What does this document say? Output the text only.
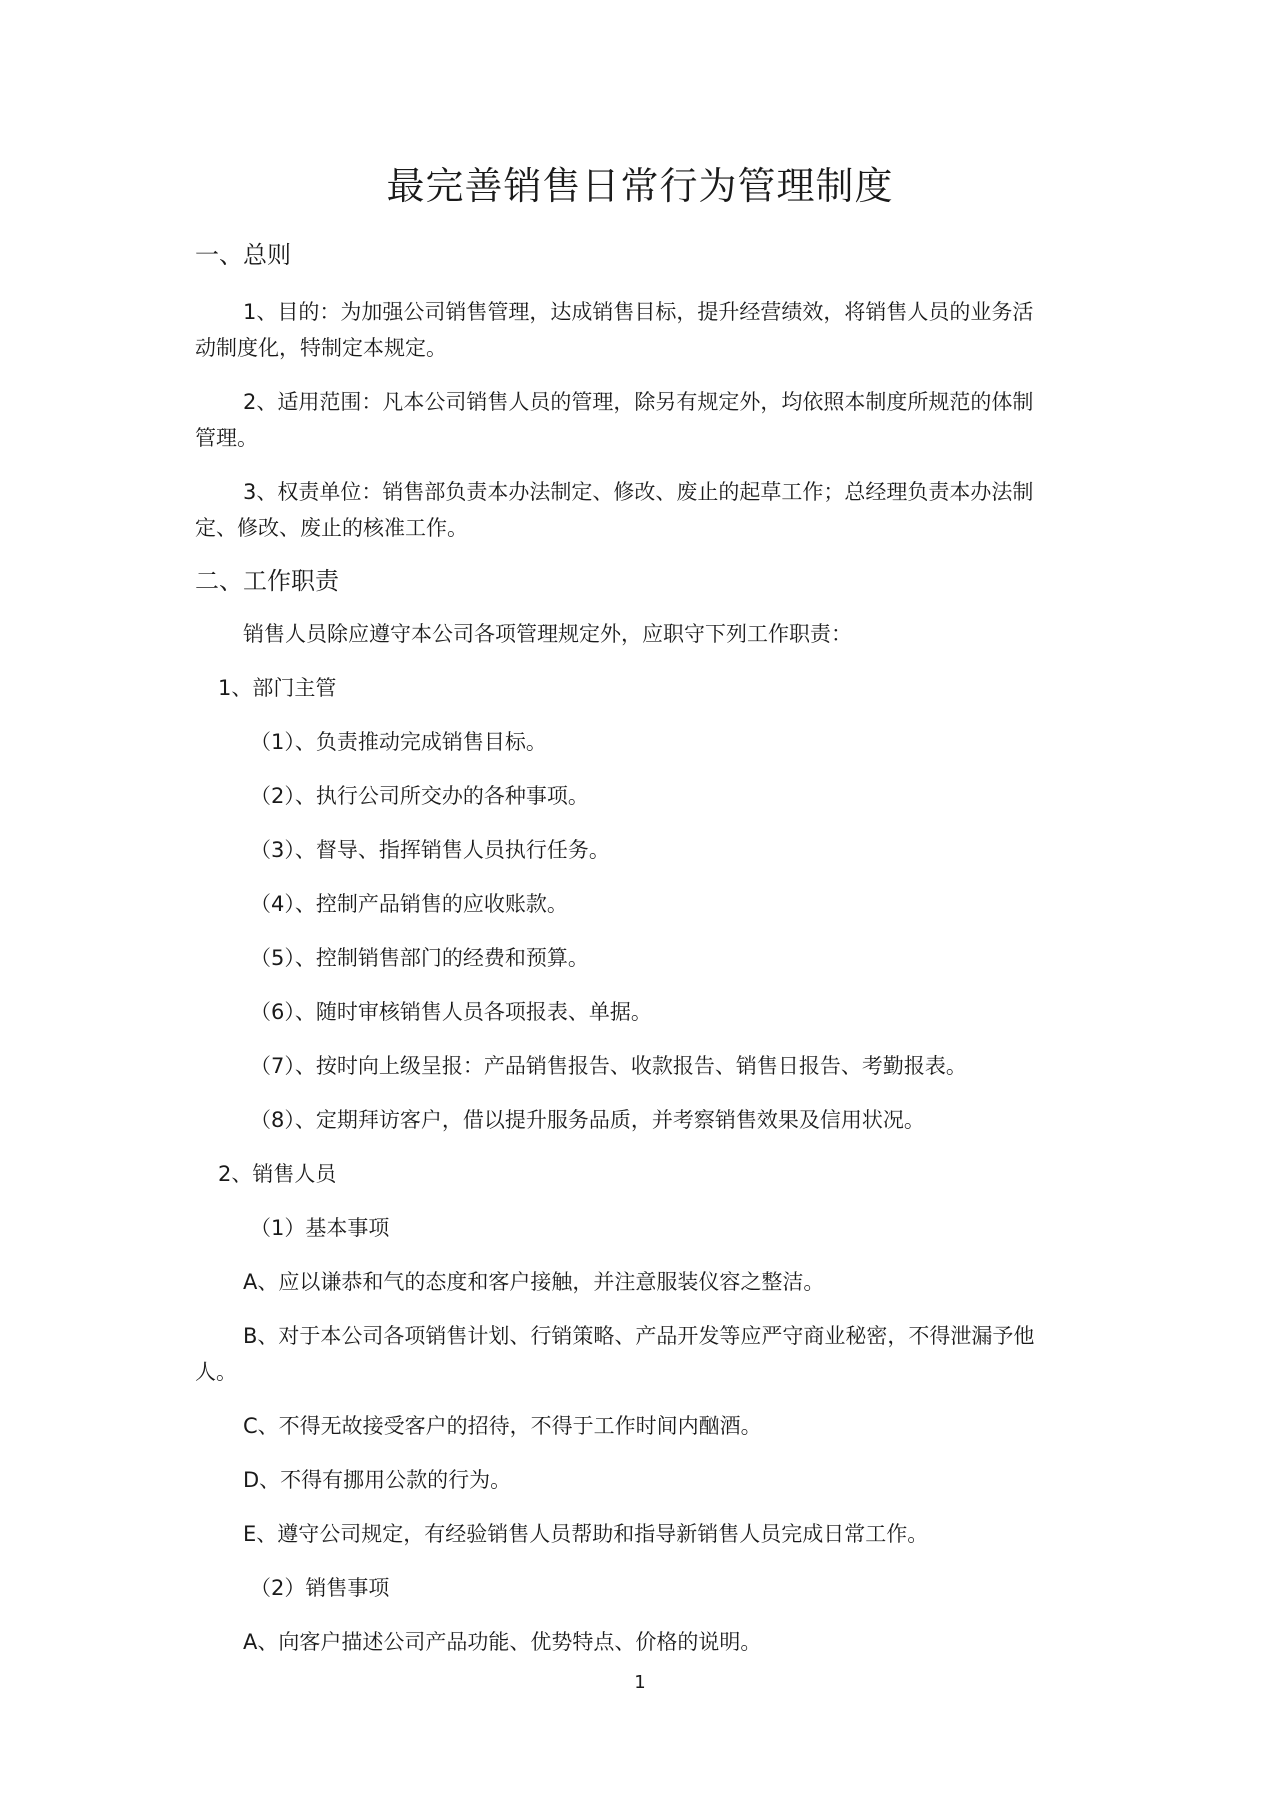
最完善销售日常行为管理制度
一、总则
1、目的：为加强公司销售管理，达成销售目标，提升经营绩效，将销售人员的业务活
动制度化，特制定本规定。
2、适用范围：凡本公司销售人员的管理，除另有规定外，均依照本制度所规范的体制
管理。
3、权责单位：销售部负责本办法制定、修改、废止的起草工作；总经理负责本办法制
定、修改、废止的核准工作。
二、工作职责
销售人员除应遵守本公司各项管理规定外，应职守下列工作职责：
1、部门主管
（1）、负责推动完成销售目标。
（2）、执行公司所交办的各种事项。
（3）、督导、指挥销售人员执行任务。
（4）、控制产品销售的应收账款。
（5）、控制销售部门的经费和预算。
（6）、随时审核销售人员各项报表、单据。
（7）、按时向上级呈报：产品销售报告、收款报告、销售日报告、考勤报表。
（8）、定期拜访客户，借以提升服务品质，并考察销售效果及信用状况。
2、销售人员
（1）基本事项
A、应以谦恭和气的态度和客户接触，并注意服装仪容之整洁。
B、对于本公司各项销售计划、行销策略、产品开发等应严守商业秘密，不得泄漏予他
人。
C、不得无故接受客户的招待，不得于工作时间内酗酒。
D、不得有挪用公款的行为。
E、遵守公司规定，有经验销售人员帮助和指导新销售人员完成日常工作。
（2）销售事项
A、向客户描述公司产品功能、优势特点、价格的说明。
1
